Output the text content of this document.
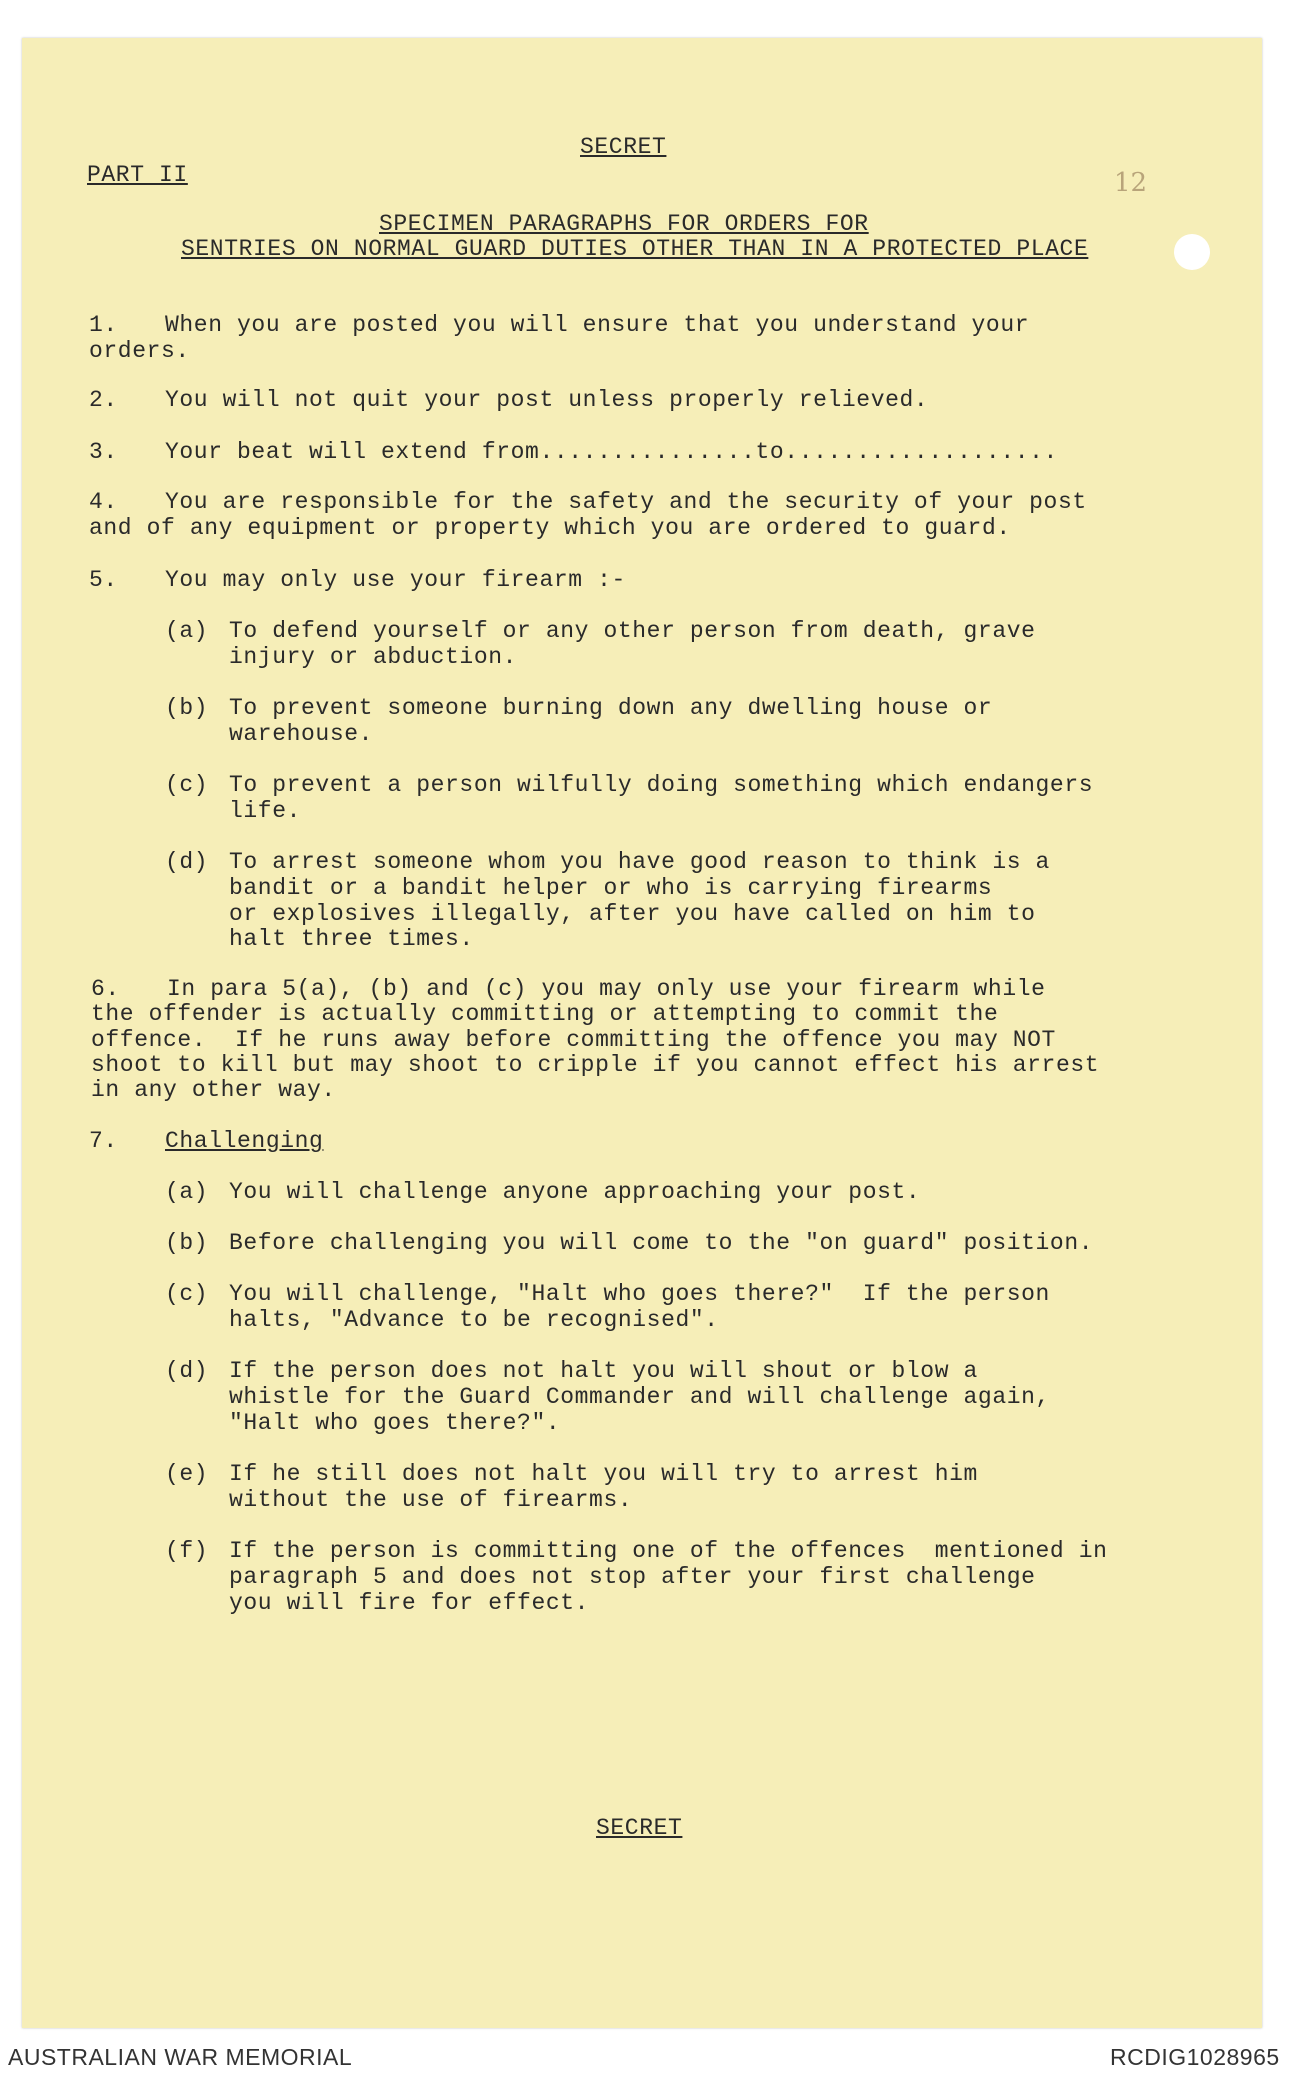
12
SECRET
PART II
SPECIMEN PARAGRAPHS FOR ORDERS FOR
SENTRIES ON NORMAL GUARD DUTIES OTHER THAN IN A PROTECTED PLACE
1. When you are posted you will ensure that you understand your
orders.
2. You will not quit your post unless properly relieved.
3. Your beat will extend from...............to...................
4. You are responsible for the safety and the security of your post
and of any equipment or property which you are ordered to guard.
5. You may only use your firearm :-
(a) To defend yourself or any other person from death, grave
injury or abduction.
(b) To prevent someone burning down any dwelling house or
warehouse.
(c) To prevent a person wilfully doing something which endangers
life.
(d) To arrest someone whom you have good reason to think is a
bandit or a bandit helper or who is carrying firearms
or explosives illegally, after you have called on him to
halt three times.
6. In para 5(a), (b) and (c) you may only use your firearm while
the offender is actually committing or attempting to commit the
offence.  If he runs away before committing the offence you may NOT
shoot to kill but may shoot to cripple if you cannot effect his arrest
in any other way.
7. Challenging
(a) You will challenge anyone approaching your post.
(b) Before challenging you will come to the "on guard" position.
(c) You will challenge, "Halt who goes there?"  If the person
halts, "Advance to be recognised".
(d) If the person does not halt you will shout or blow a
whistle for the Guard Commander and will challenge again,
"Halt who goes there?".
(e) If he still does not halt you will try to arrest him
without the use of firearms.
(f) If the person is committing one of the offences  mentioned in
paragraph 5 and does not stop after your first challenge
you will fire for effect.
SECRET
AUSTRALIAN WAR MEMORIAL	RCDIG1028965
